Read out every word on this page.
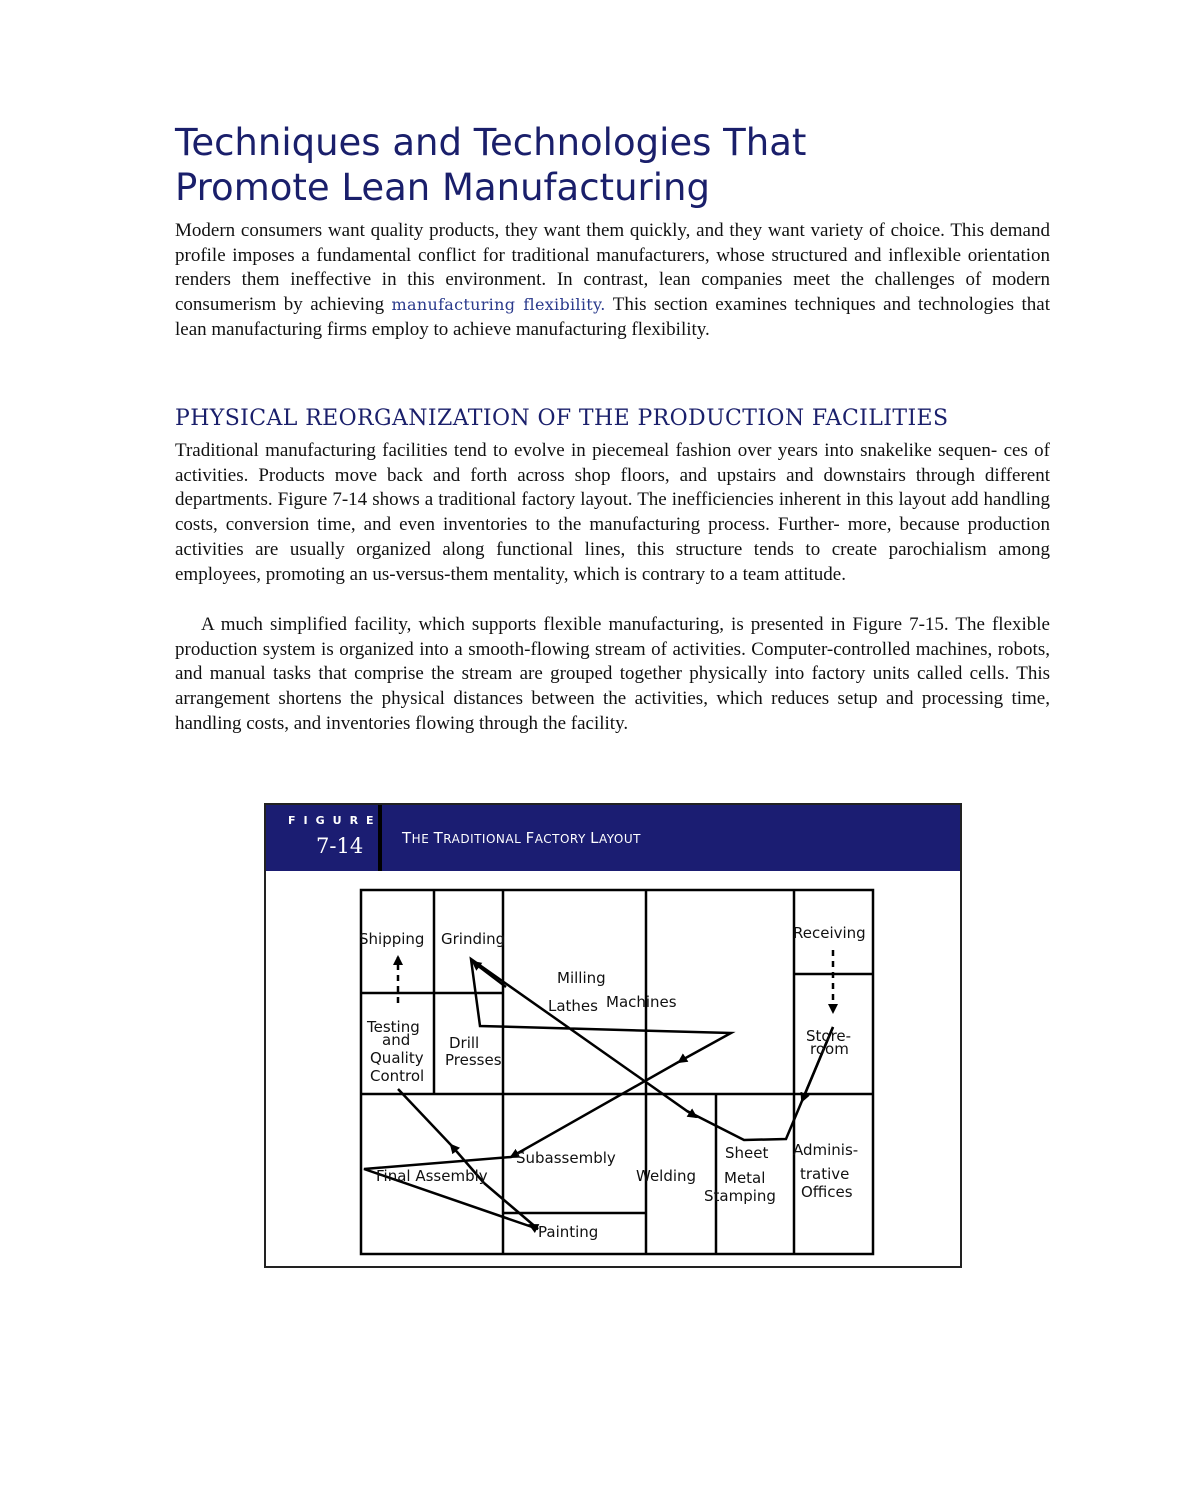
Techniques and Technologies That
Promote Lean Manufacturing

Modern consumers want quality products, they want them quickly, and they want variety of choice. This demand profile imposes a fundamental conflict for traditional manufacturers, whose structured and inflexible orientation renders them ineffective in this environment. In contrast, lean companies meet the challenges of modern consumerism by achieving manufacturing flexibility. This section examines techniques and technologies that lean manufacturing firms employ to achieve manufacturing flexibility.

PHYSICAL REORGANIZATION OF THE PRODUCTION FACILITIES

Traditional manufacturing facilities tend to evolve in piecemeal fashion over years into snakelike sequen- ces of activities. Products move back and forth across shop floors, and upstairs and downstairs through different departments. Figure 7-14 shows a traditional factory layout. The inefficiencies inherent in this layout add handling costs, conversion time, and even inventories to the manufacturing process. Further- more, because production activities are usually organized along functional lines, this structure tends to create parochialism among employees, promoting an us-versus-them mentality, which is contrary to a team attitude.

A much simplified facility, which supports flexible manufacturing, is presented in Figure 7-15. The flexible production system is organized into a smooth-flowing stream of activities. Computer-controlled machines, robots, and manual tasks that comprise the stream are grouped together physically into factory units called cells. This arrangement shortens the physical distances between the activities, which reduces setup and processing time, handling costs, and inventories flowing through the facility.

FIGURE
7-14	THE TRADITIONAL FACTORY LAYOUT
Shipping Grinding
Milling
Lathes Machines
Receiving
Testing
and
Quality
Control
Drill
Presses
Store-
room
Subassembly
Final Assembly	Welding
Sheet
Metal
Stamping
Adminis-
trative
Offices
Painting
